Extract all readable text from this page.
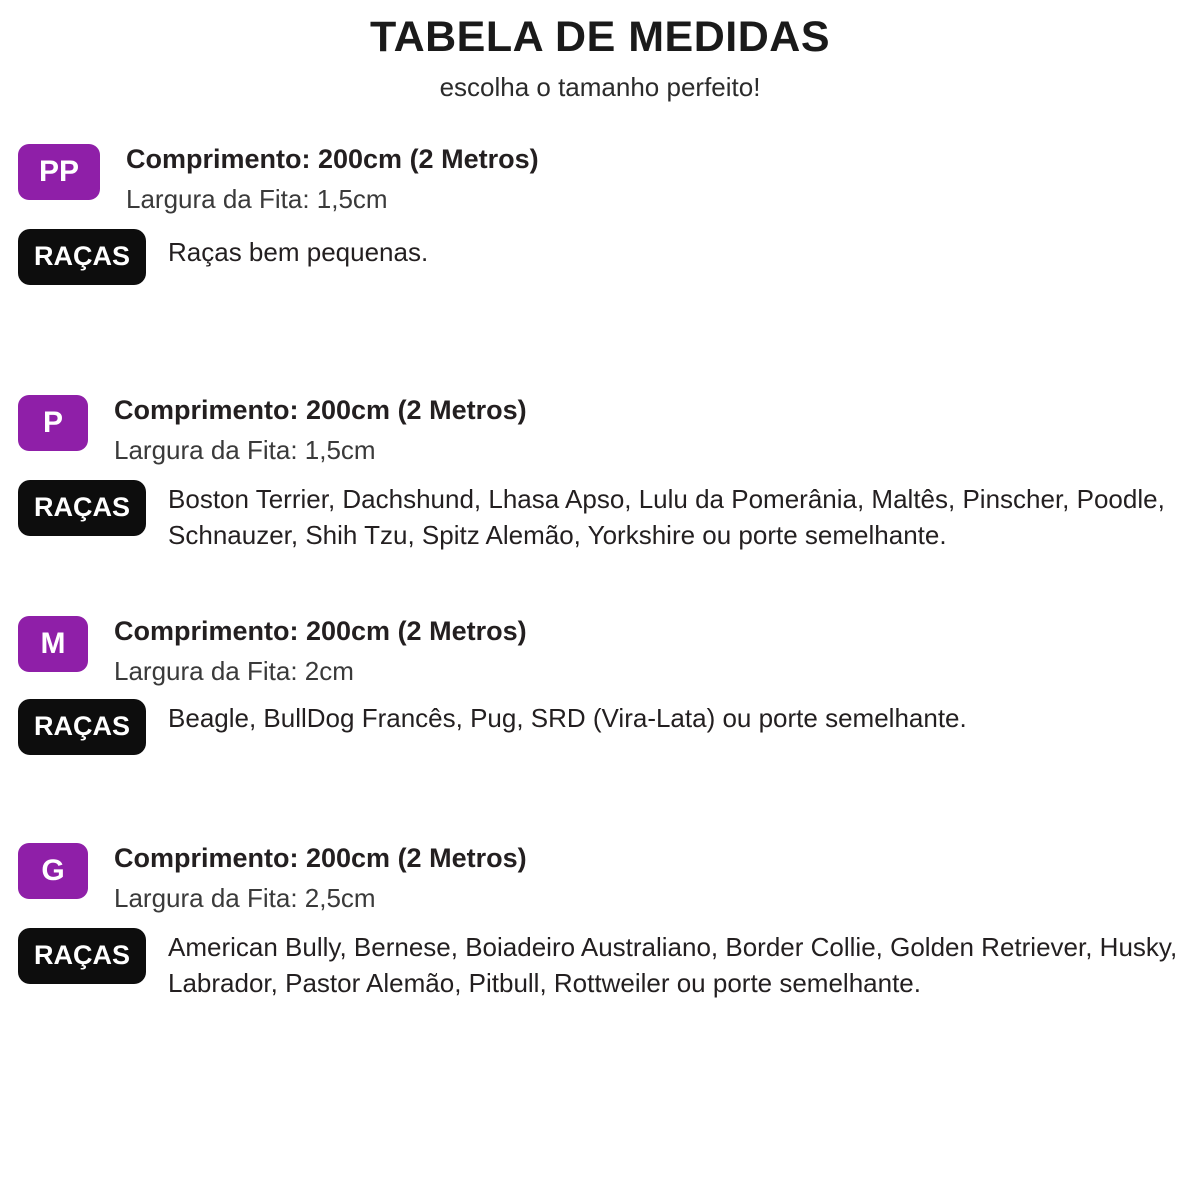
TABELA DE MEDIDAS
escolha o tamanho perfeito!
PP	Comprimento: 200cm (2 Metros)
Largura da Fita: 1,5cm
RAÇAS	Raças bem pequenas.
P	Comprimento: 200cm (2 Metros)
Largura da Fita: 1,5cm
RAÇAS	Boston Terrier, Dachshund, Lhasa Apso, Lulu da Pomerânia, Maltês, Pinscher, Poodle, Schnauzer, Shih Tzu, Spitz Alemão, Yorkshire ou porte semelhante.
M	Comprimento: 200cm (2 Metros)
Largura da Fita: 2cm
RAÇAS	Beagle, BullDog Francês, Pug, SRD (Vira-Lata) ou porte semelhante.
G	Comprimento: 200cm (2 Metros)
Largura da Fita: 2,5cm
RAÇAS	American Bully, Bernese, Boiadeiro Australiano, Border Collie, Golden Retriever, Husky, Labrador, Pastor Alemão, Pitbull, Rottweiler ou porte semelhante.
